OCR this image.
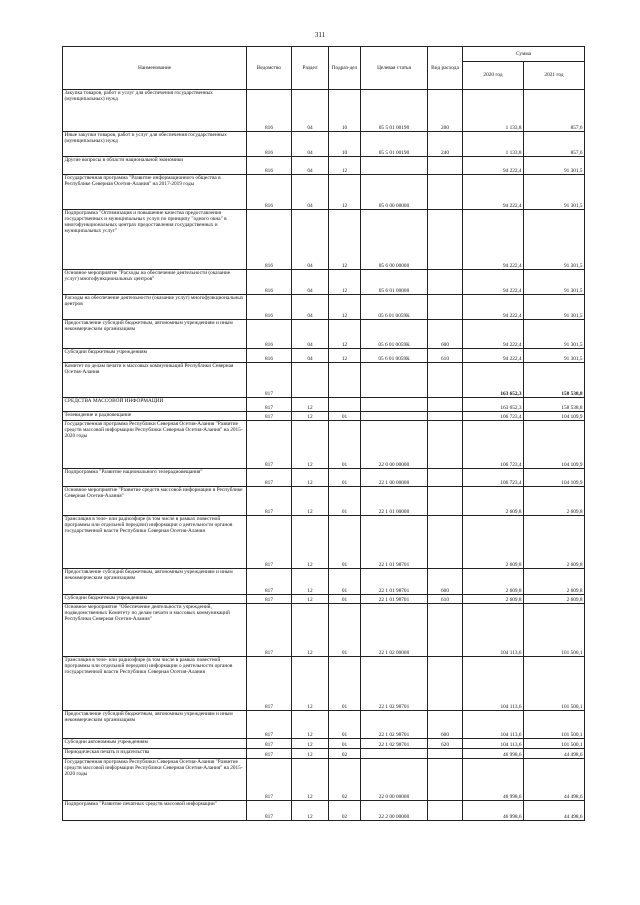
311
Наименование	Ведомство	Раздел	Подраз-дел	Целевая статья	Вид расхода	Сумма	
						2020 год	2021 год
Закупка товаров, работ и услуг для обеспечения государственных (муниципальных) нужд	816	04	10	05 5 01 00190	200	1 133,8	857,6
Иные закупки товаров, работ и услуг для обеспечения государственных (муниципальных) нужд	816	04	10	05 5 01 00190	240	1 133,8	857,6
Другие вопросы в области национальной экономики	816	04	12			94 222,4	91 301,5
Государственная программа "Развитие информационного общества в Республике Северная Осетия-Алания" на 2017-2019 годы	816	04	12	05 0 00 00000		94 222,4	91 301,5
Подпрограмма "Оптимизация и повышение качества предоставления государственных и муниципальных услуп по принципу "одного окна" в многофункциональных центрах предоставления государственных и муниципальных услуг"	816	04	12	05 6 00 00000		94 222,4	91 301,5
Основное мероприятие "Расходы на обеспечение деятельности (оказание услуг) многофункциональных центров"	816	04	12	05 6 01 00000		94 222,4	91 301,5
Расходы на обеспечение деятельности (оказание услуг) многофункциональных центров	816	04	12	05 6 01 0059К		94 222,4	91 301,5
Предоставление субсидий бюджетным, автономным учреждениям и иным некоммерческим организациям	816	04	12	05 6 01 0059К	600	94 222,4	91 301,5
Субсидии бюджетным учреждениям	816	04	12	05 6 01 0059К	610	94 222,4	91 301,5
Комитет по делам печати и массовых коммуникаций Республики Северная Осетия-Алания	817					163 652,3	158 538,8
СРЕДСТВА МАССОВОЙ ИНФОРМАЦИИ	817	12				163 652,3	158 538,8
Телевидение и радиовещание	817	12	01			106 723,4	104 109,9
Государственная программа Республики Северная Осетия-Алания "Развитие средств массовой информации Республики Северная Осетия-Алания" на 2015-2020 годы	817	12	01	22 0 00 00000		106 723,4	104 109,9
Подпрограмма "Развитие национального телерадиовещания"	817	12	01	22 1 00 00000		106 723,4	104 109,9
Основное мероприятие "Развитие средств массовой информации в Республике Северная Осетия-Алания"	817	12	01	22 1 01 00000		2 609,8	2 609,8
Трансляция в теле- или радиоэфире (в том числе в рамках повестной программы или отдельной передачи) информации о деятельности органов государственной власти Республики Северная Осетия-Алания	817	12	01	22 1 01 98701		2 609,8	2 609,8
Предоставление субсидий бюджетным, автономным учреждениям и иным некоммерческим организациям	817	12	01	22 1 01 98701	600	2 609,8	2 609,8
Субсидии бюджетным учреждениям	817	12	01	22 1 01 98701	610	2 609,8	2 609,8
Основное мероприятие "Обеспечение деятельности учреждений, подведомственных Комитету по делам печати и массовых коммуникаций Республики Северная Осетия-Алания"	817	12	01	22 1 02 00000		104 113,6	101 500,1
Трансляция в теле- или радиоэфире (в том числе в рамках повестной программы или отдельной передачи) информации о деятельности органов государственной власти Республики Северная Осетия-Алания	817	12	01	22 1 02 98701		104 113,6	101 500,1
Предоставление субсидий бюджетным, автономным учреждениям и иным некоммерческим организациям	817	12	01	22 1 02 98701	600	104 113,6	101 500,1
Субсидии автономным учреждениям	817	12	01	22 1 02 98701	620	104 113,6	101 500,1
Периодическая печать и издательства	817	12	02			46 998,6	44 498,6
Государственная программа Республики Северная Осетия-Алания "Развитие средств массовой информации Республики Северная Осетия-Алания" на 2015-2020 годы	817	12	02	22 0 00 00000		46 998,6	44 498,6
Подпрограмма "Развитие печатных средств массовой информации"	817	12	02	22 2 00 00000		46 998,6	44 498,6
